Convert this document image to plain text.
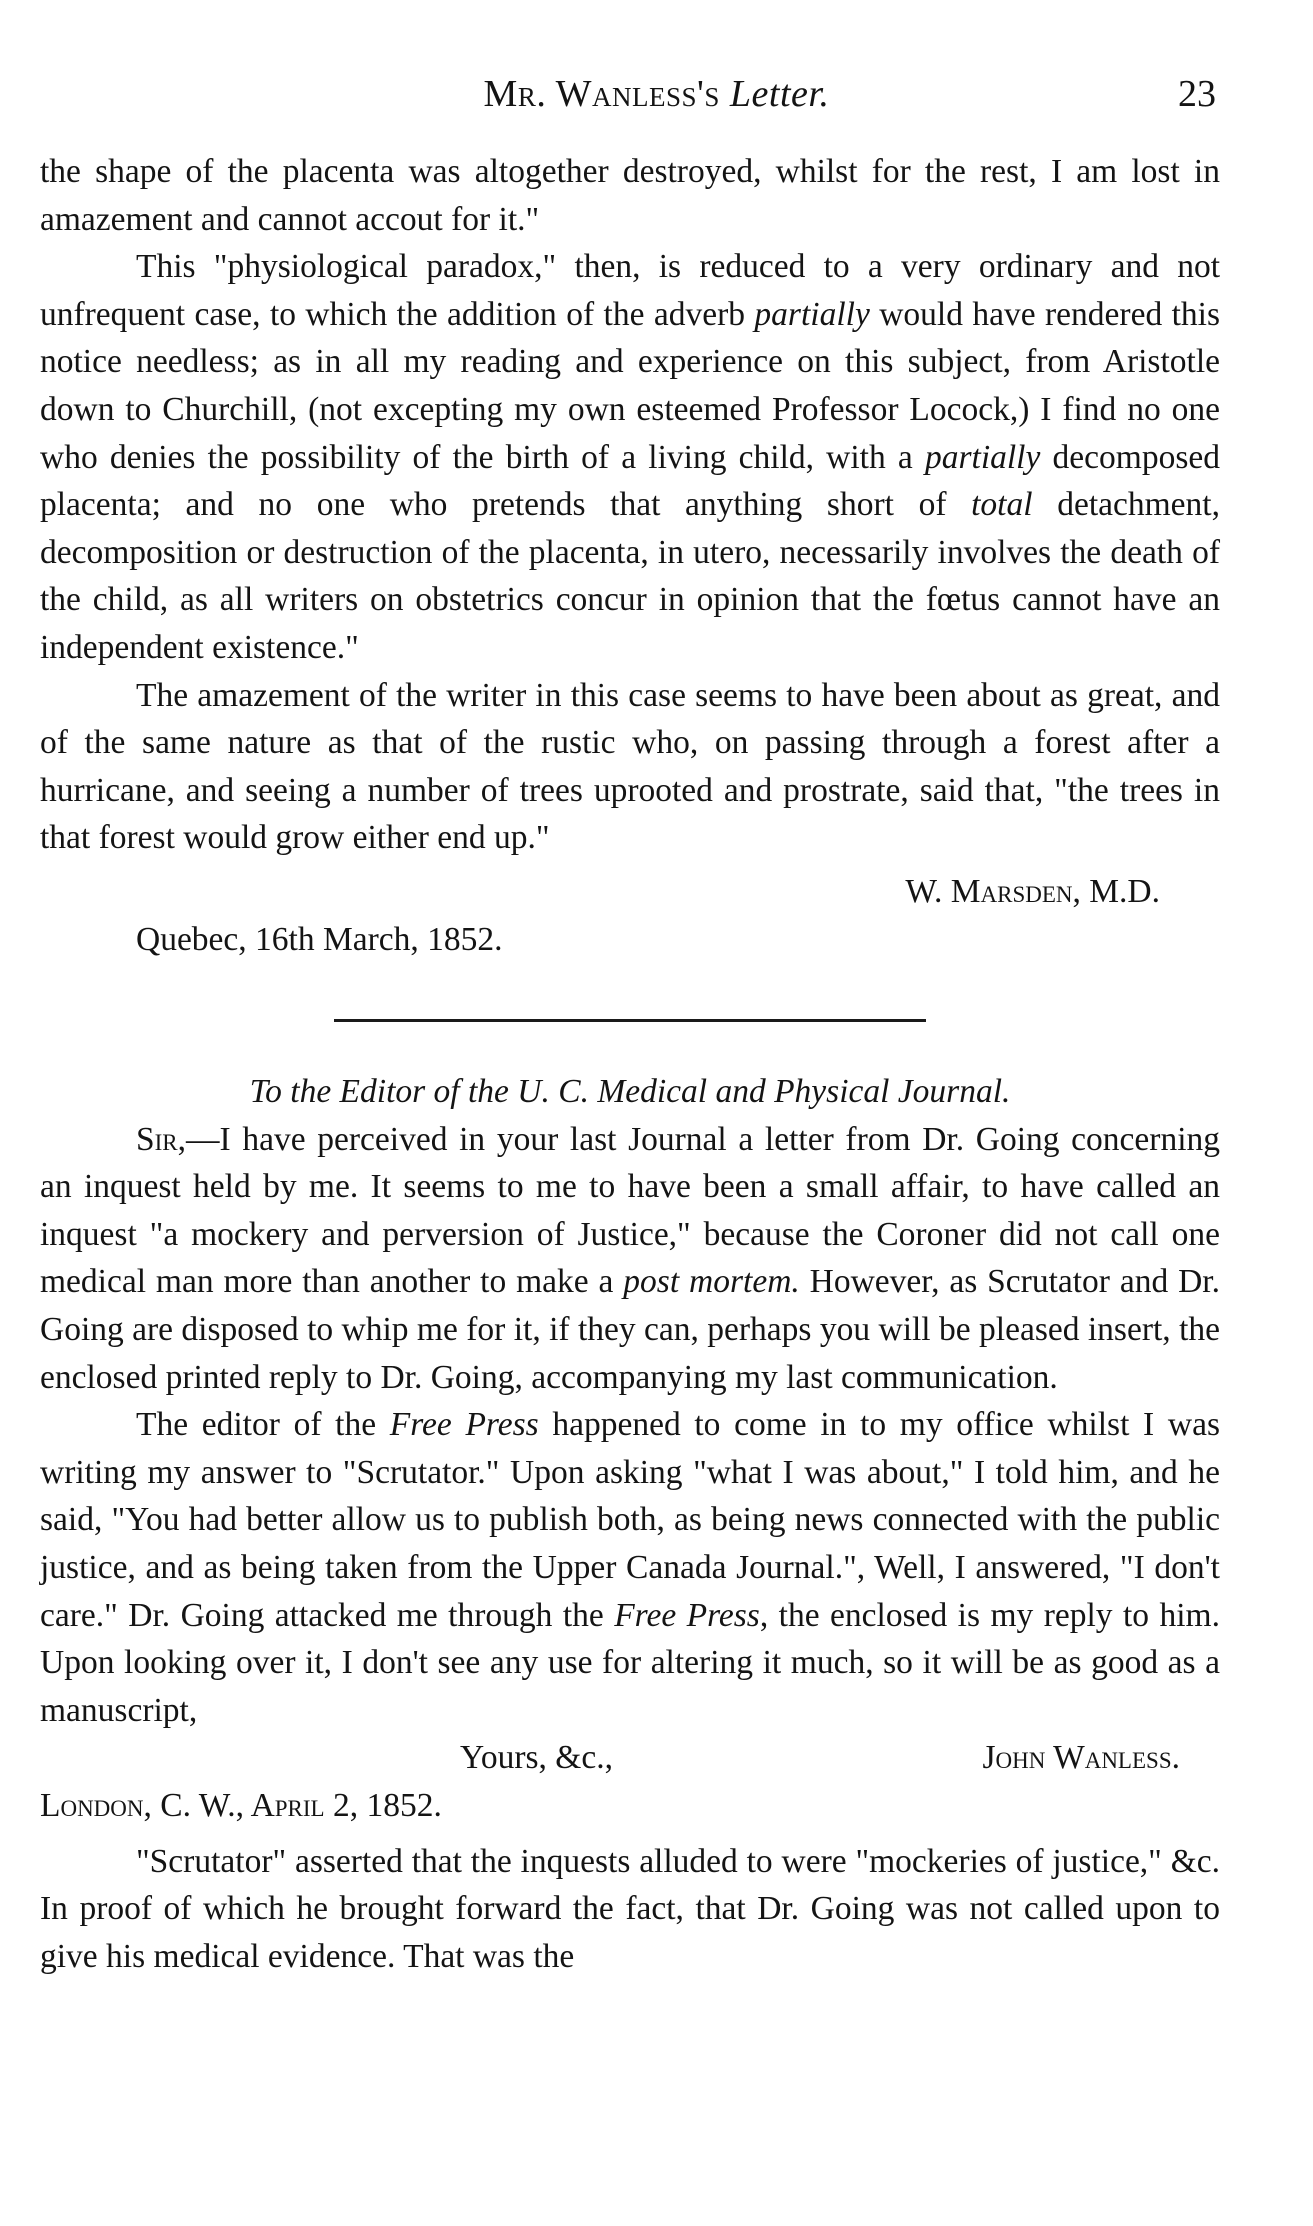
Mr. Wanless's Letter.	23

the shape of the placenta was altogether destroyed, whilst for the rest, I am lost in amazement and cannot accout for it."

This "physiological paradox," then, is reduced to a very ordinary and not unfrequent case, to which the addition of the adverb partially would have rendered this notice needless; as in all my reading and experience on this subject, from Aristotle down to Churchill, (not excepting my own esteemed Professor Locock,) I find no one who denies the possibility of the birth of a living child, with a partially decomposed placenta; and no one who pretends that anything short of total detachment, decomposition or destruction of the placenta, in utero, necessarily involves the death of the child, as all writers on obstetrics concur in opinion that the fœtus cannot have an independent existence."

The amazement of the writer in this case seems to have been about as great, and of the same nature as that of the rustic who, on passing through a forest after a hurricane, and seeing a number of trees uprooted and prostrate, said that, "the trees in that forest would grow either end up."

W. Marsden, M.D.

Quebec, 16th March, 1852.

To the Editor of the U. C. Medical and Physical Journal.

Sir,—I have perceived in your last Journal a letter from Dr. Going concerning an inquest held by me. It seems to me to have been a small affair, to have called an inquest "a mockery and perversion of Justice," because the Coroner did not call one medical man more than another to make a post mortem. However, as Scrutator and Dr. Going are disposed to whip me for it, if they can, perhaps you will be pleased insert, the enclosed printed reply to Dr. Going, accompanying my last communication.

The editor of the Free Press happened to come in to my office whilst I was writing my answer to "Scrutator." Upon asking "what I was about," I told him, and he said, "You had better allow us to publish both, as being news connected with the public justice, and as being taken from the Upper Canada Journal.", Well, I answered, "I don't care." Dr. Going attacked me through the Free Press, the enclosed is my reply to him. Upon looking over it, I don't see any use for altering it much, so it will be as good as a manuscript,

Yours, &c.,	John Wanless.

London, C. W., April 2, 1852.

"Scrutator" asserted that the inquests alluded to were "mockeries of justice," &c. In proof of which he brought forward the fact, that Dr. Going was not called upon to give his medical evidence. That was the
